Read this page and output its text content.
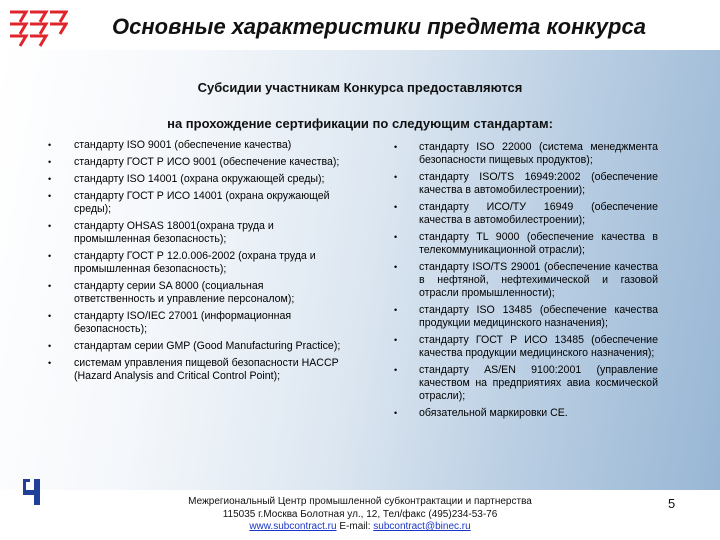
Основные характеристики предмета конкурса
Субсидии участникам Конкурса предоставляются
на прохождение сертификации по следующим стандартам:
• стандарту ISO 9001 (обеспечение качества)
• стандарту ГОСТ Р ИСО 9001 (обеспечение качества);
• стандарту ISO 14001 (охрана окружающей среды);
• стандарту ГОСТ Р ИСО 14001 (охрана окружающей среды);
• стандарту OHSAS 18001(охрана труда и промышленная безопасность);
• стандарту ГОСТ Р 12.0.006-2002 (охрана труда и промышленная безопасность);
• стандарту серии SA 8000 (социальная ответственность и управление персоналом);
• стандарту ISO/IEC 27001 (информационная безопасность);
• стандартам серии GMP (Good Manufacturing Practice);
• системам управления пищевой безопасности HACCP (Hazard Analysis and Critical Control Point);
• стандарту ISO 22000 (система менеджмента безопасности пищевых продуктов);
• стандарту ISO/TS 16949:2002 (обеспечение качества в автомобилестроении);
• стандарту ИСО/ТУ 16949 (обеспечение качества в автомобилестроении);
• стандарту TL 9000 (обеспечение качества в телекоммуникационной отрасли);
• стандарту ISO/TS 29001 (обеспечение качества в нефтяной, нефтехимической и газовой отрасли промышленности);
• стандарту ISO 13485 (обеспечение качества продукции медицинского назначения);
• стандарту ГОСТ Р ИСО 13485 (обеспечение качества продукции медицинского назначения);
• стандарту AS/EN 9100:2001 (управление качеством на предприятиях авиа космической отрасли);
• обязательной маркировки CE.
Межрегиональный Центр промышленной субконтрактации и партнерства
115035 г.Москва Болотная ул., 12, Тел/факс (495)234-53-76
www.subcontract.ru E-mail: subcontract@binec.ru
5
